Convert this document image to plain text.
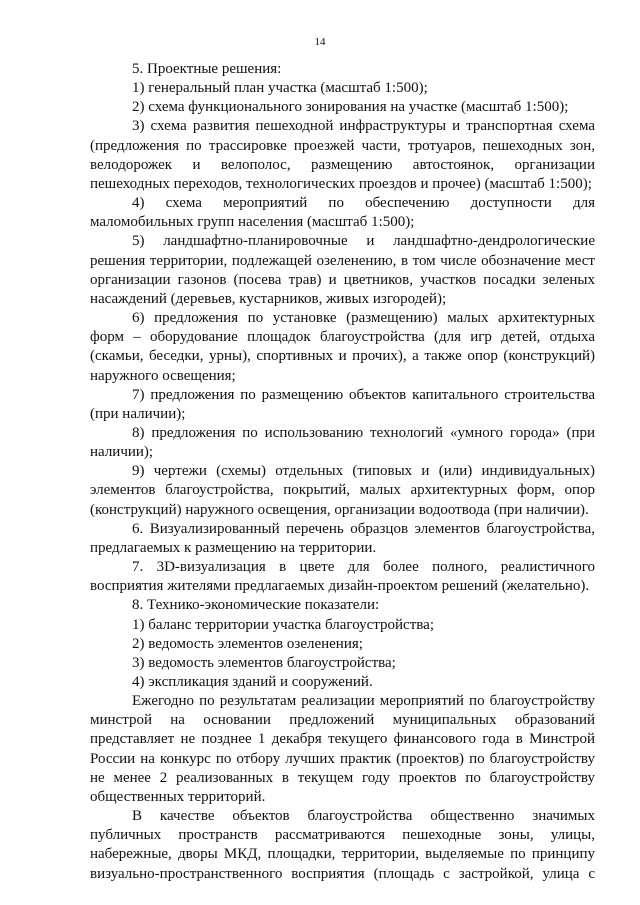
14

5. Проектные решения:

1) генеральный план участка (масштаб 1:500);

2) схема функционального зонирования на участке (масштаб 1:500);

3) схема развития пешеходной инфраструктуры и транспортная схема (предложения по трассировке проезжей части, тротуаров, пешеходных зон, велодорожек и велополос, размещению автостоянок, организации пешеходных переходов, технологических проездов и прочее) (масштаб 1:500);

4) схема мероприятий по обеспечению доступности для маломобильных групп населения (масштаб 1:500);

5) ландшафтно-планировочные и ландшафтно-дендрологические решения территории, подлежащей озеленению, в том числе обозначение мест организации газонов (посева трав) и цветников, участков посадки зеленых насаждений (деревьев, кустарников, живых изгородей);

6) предложения по установке (размещению) малых архитектурных форм – оборудование площадок благоустройства (для игр детей, отдыха (скамьи, беседки, урны), спортивных и прочих), а также опор (конструкций) наружного освещения;

7) предложения по размещению объектов капитального строительства (при наличии);

8) предложения по использованию технологий «умного города» (при наличии);

9) чертежи (схемы) отдельных (типовых и (или) индивидуальных) элементов благоустройства, покрытий, малых архитектурных форм, опор (конструкций) наружного освещения, организации водоотвода (при наличии).

6. Визуализированный перечень образцов элементов благоустройства, предлагаемых к размещению на территории.

7. 3D-визуализация в цвете для более полного, реалистичного восприятия жителями предлагаемых дизайн-проектом решений (желательно).

8. Технико-экономические показатели:

1) баланс территории участка благоустройства;

2) ведомость элементов озеленения;

3) ведомость элементов благоустройства;

4) экспликация зданий и сооружений.

Ежегодно по результатам реализации мероприятий по благоустройству минстрой на основании предложений муниципальных образований представляет не позднее 1 декабря текущего финансового года в Минстрой России на конкурс по отбору лучших практик (проектов) по благоустройству не менее 2 реализованных в текущем году проектов по благоустройству общественных территорий.

В качестве объектов благоустройства общественно значимых публичных пространств рассматриваются пешеходные зоны, улицы, набережные, дворы МКД, площадки, территории, выделяемые по принципу визуально-пространственного восприятия (площадь с застройкой, улица с
